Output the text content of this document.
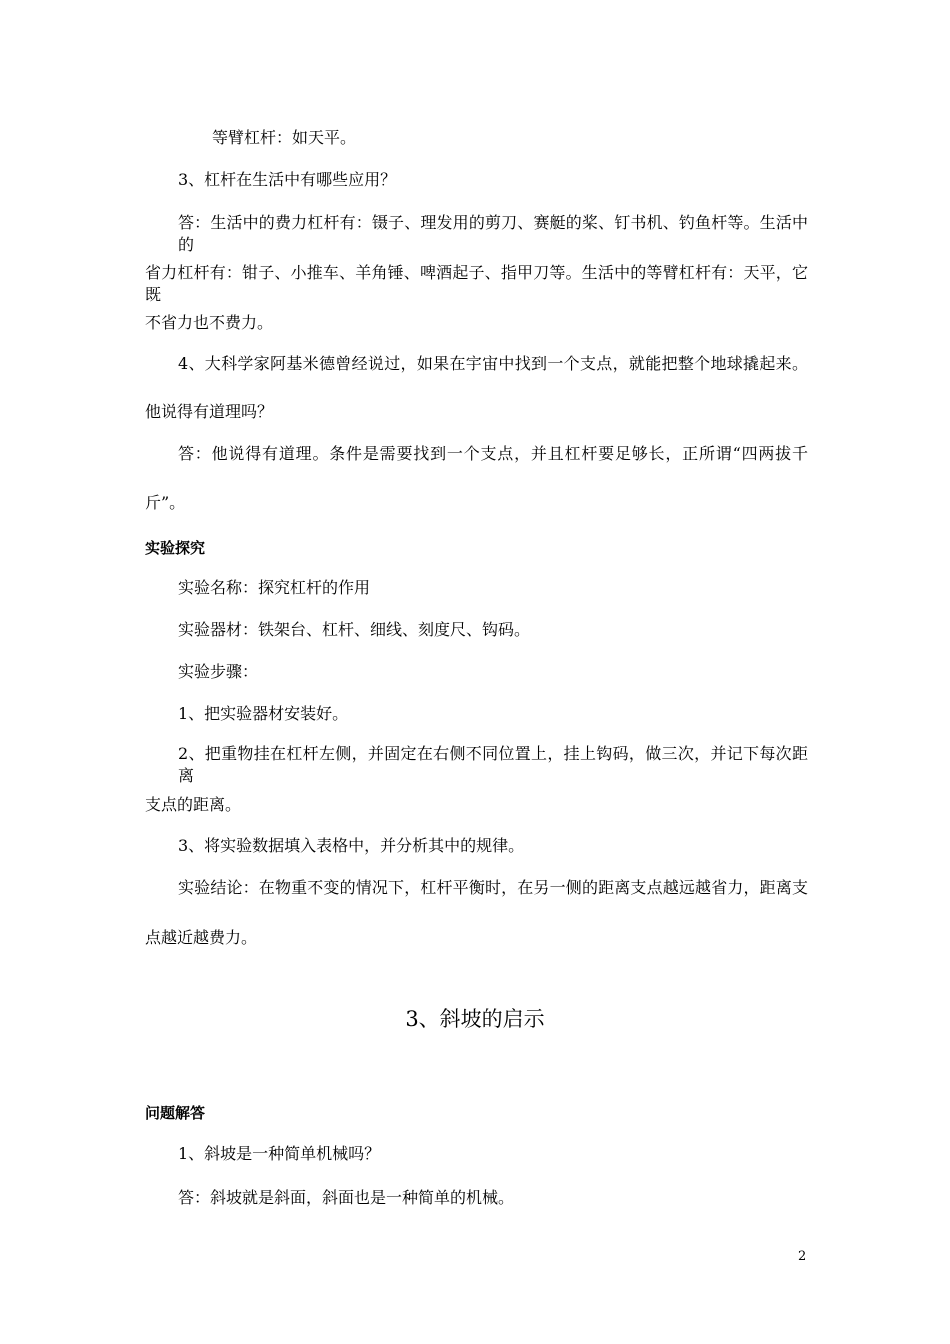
等臂杠杆：如天平。

3、杠杆在生活中有哪些应用？

答：生活中的费力杠杆有：镊子、理发用的剪刀、赛艇的桨、钉书机、钓鱼杆等。生活中的

省力杠杆有：钳子、小推车、羊角锤、啤酒起子、指甲刀等。生活中的等臂杠杆有：天平，它既

不省力也不费力。

4、大科学家阿基米德曾经说过，如果在宇宙中找到一个支点，就能把整个地球撬起来。

他说得有道理吗？

答：他说得有道理。条件是需要找到一个支点，并且杠杆要足够长，正所谓“四两拔千

斤”。

实验探究

实验名称：探究杠杆的作用

实验器材：铁架台、杠杆、细线、刻度尺、钩码。

实验步骤：

1、把实验器材安装好。

2、把重物挂在杠杆左侧，并固定在右侧不同位置上，挂上钩码，做三次，并记下每次距离

支点的距离。

3、将实验数据填入表格中，并分析其中的规律。

实验结论：在物重不变的情况下，杠杆平衡时，在另一侧的距离支点越远越省力，距离支

点越近越费力。

3、斜坡的启示

问题解答

1、斜坡是一种简单机械吗？

答：斜坡就是斜面，斜面也是一种简单的机械。

2
